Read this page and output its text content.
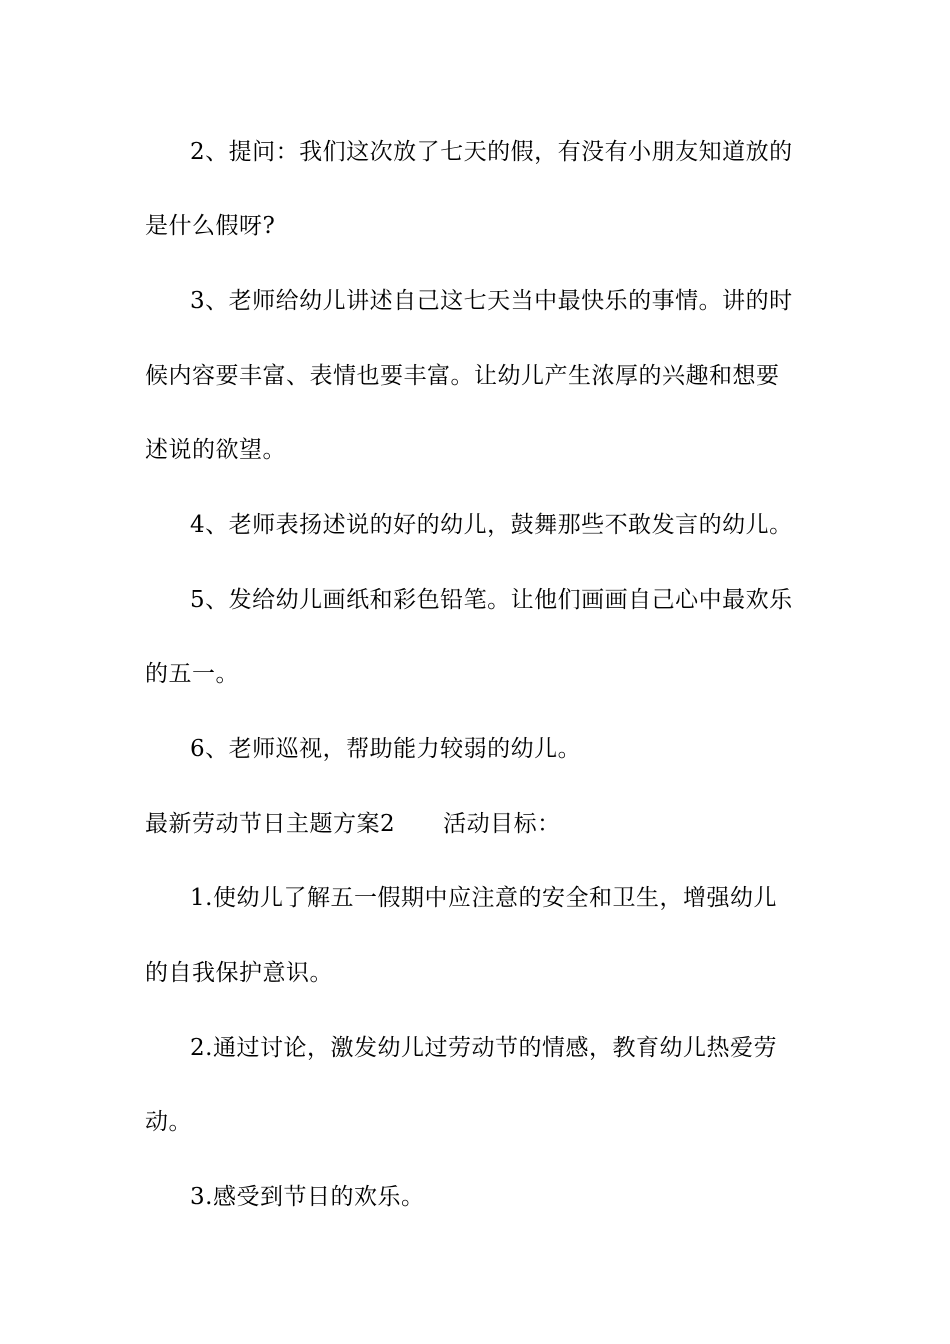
2、提问：我们这次放了七天的假，有没有小朋友知道放的
是什么假呀?
3、老师给幼儿讲述自己这七天当中最快乐的事情。讲的时
候内容要丰富、表情也要丰富。让幼儿产生浓厚的兴趣和想要
述说的欲望。
4、老师表扬述说的好的幼儿，鼓舞那些不敢发言的幼儿。
5、发给幼儿画纸和彩色铅笔。让他们画画自己心中最欢乐
的五一。
6、老师巡视，帮助能力较弱的幼儿。
最新劳动节日主题方案2 活动目标：
1.使幼儿了解五一假期中应注意的安全和卫生，增强幼儿
的自我保护意识。
2.通过讨论，激发幼儿过劳动节的情感，教育幼儿热爱劳
动。
3.感受到节日的欢乐。
